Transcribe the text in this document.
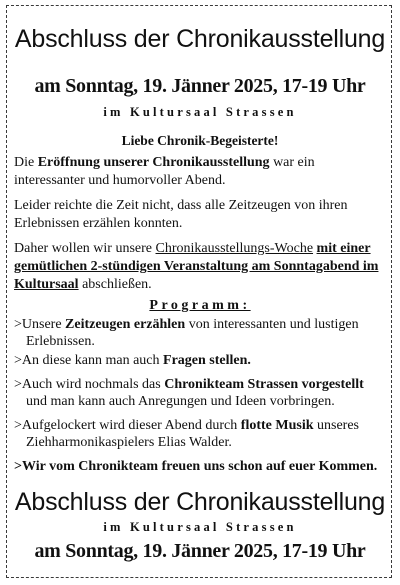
Abschluss der Chronikausstellung
am Sonntag, 19. Jänner 2025, 17-19 Uhr
im Kultursaal Strassen
Liebe Chronik-Begeisterte!
Die Eröffnung unserer Chronikausstellung war ein interessanter und humorvoller Abend.
Leider reichte die Zeit nicht, dass alle Zeitzeugen von ihren Erlebnissen erzählen konnten.
Daher wollen wir unsere Chronikausstellungs-Woche mit einer gemütlichen 2-stündigen Veranstaltung am Sonntagabend im Kultursaal abschließen.
Programm:
>Unsere Zeitzeugen erzählen von interessanten und lustigen Erlebnissen.
>An diese kann man auch Fragen stellen.
>Auch wird nochmals das Chronikteam Strassen vorgestellt und man kann auch Anregungen und Ideen vorbringen.
>Aufgelockert wird dieser Abend durch flotte Musik unseres Ziehharmonikaspielers Elias Walder.
>Wir vom Chronikteam freuen uns schon auf euer Kommen.
Abschluss der Chronikausstellung
im Kultursaal Strassen
am Sonntag, 19. Jänner 2025, 17-19 Uhr
